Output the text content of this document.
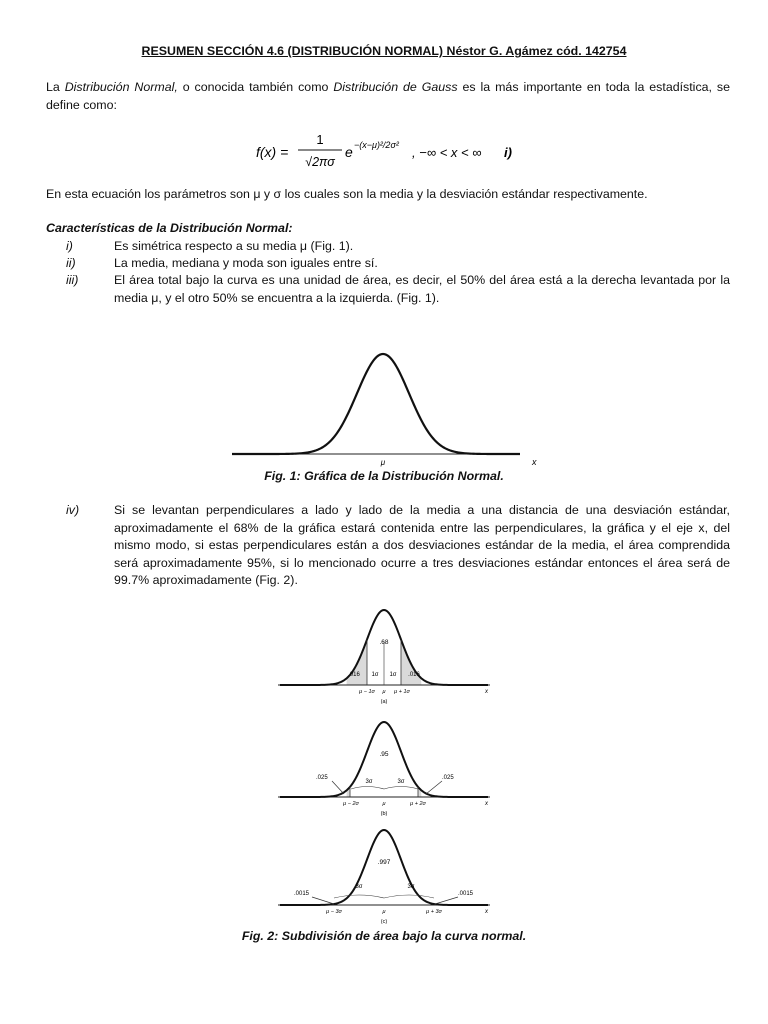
RESUMEN SECCIÓN 4.6 (DISTRIBUCIÓN NORMAL) Néstor G. Agámez cód. 142754
La Distribución Normal, o conocida también como Distribución de Gauss es la más importante en toda la estadística, se define como:
f(x) =
1
√2πσ
e −(x−μ)²/2σ² , −∞ < x < ∞ i)
En esta ecuación los parámetros son μ y σ los cuales son la media y la desviación estándar respectivamente.
Características de la Distribución Normal:
i)	Es simétrica respecto a su media μ (Fig. 1).
ii)	La media, mediana y moda son iguales entre sí.
iii)	El área total bajo la curva es una unidad de área, es decir, el 50% del área está a la derecha levantada por la media μ, y el otro 50% se encuentra a la izquierda. (Fig. 1).
μ	x
Fig. 1: Gráfica de la Distribución Normal.
iv)	Si se levantan perpendiculares a lado y lado de la media a una distancia de una desviación estándar, aproximadamente el 68% de la gráfica estará contenida entre las perpendiculares, la gráfica y el eje x, del mismo modo, si estas perpendiculares están a dos desviaciones estándar de la media, el área comprendida será aproximadamente 95%, si lo mencionado ocurre a tres desviaciones estándar entonces el área será de 99.7% aproximadamente (Fig. 2).
.68
.016	.016
1σ 1σ
μ − 1σ μ μ + 1σ	x
(a)
.95
.025	.025
3σ	3σ
μ − 2σ	μ	μ + 2σ	x
(b)
.997
.0015	.0015
3σ	3σ
μ − 3σ	μ	μ + 3σ	x
(c)
Fig. 2: Subdivisión de área bajo la curva normal.
